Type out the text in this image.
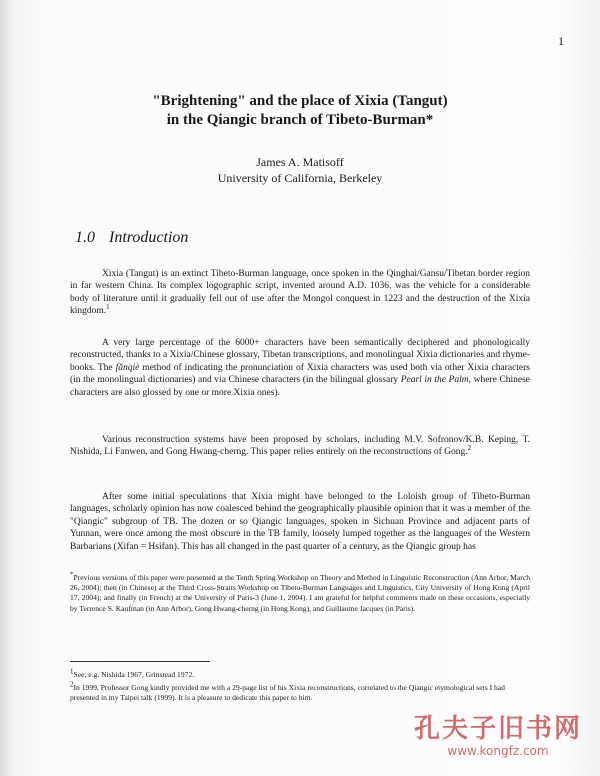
1
"Brightening" and the place of Xixia (Tangut)
in the Qiangic branch of Tibeto-Burman*
James A. Matisoff
University of California, Berkeley
1.0 Introduction
Xixia (Tangut) is an extinct Tibeto-Burman language, once spoken in the Qinghai/Gansu/Tibetan border region in far western China. Its complex logographic script, invented around A.D. 1036, was the vehicle for a considerable body of literature until it gradually fell out of use after the Mongol conquest in 1223 and the destruction of the Xixia kingdom.$^1$
A very large percentage of the 6000+ characters have been semantically deciphered and phonologically reconstructed, thanks to a Xixia/Chinese glossary, Tibetan transcriptions, and monolingual Xixia dictionaries and rhyme-books. The fǎnqiè method of indicating the pronunciation of Xixia characters was used both via other Xixia characters (in the monolingual dictionaries) and via Chinese characters (in the bilingual glossary Pearl in the Palm, where Chinese characters are also glossed by one or more Xixia ones).
Various reconstruction systems have been proposed by scholars, including M.V. Sofronov/K.B. Keping, T. Nishida, Li Fanwen, and Gong Hwang-cherng. This paper relies entirely on the reconstructions of Gong.$^2$
After some initial speculations that Xixia might have belonged to the Loloish group of Tibeto-Burman languages, scholarly opinion has now coalesced behind the geographically plausible opinion that it was a member of the "Qiangic" subgroup of TB. The dozen or so Qiangic languages, spoken in Sichuan Province and adjacent parts of Yunnan, were once among the most obscure in the TB family, loosely lumped together as the languages of the Western Barbarians (Xifan = Hsifan). This has all changed in the past quarter of a century, as the Qiangic group has
*Previous versions of this paper were presented at the Tenth Spring Workshop on Theory and Method in Linguistic Reconstruction (Ann Arbor, March 26, 2004); then (in Chinese) at the Third Cross-Straits Workshop on Tibeto-Burman Languages and Linguistics, City University of Hong Kong (April 17, 2004); and finally (in French) at the University of Paris-3 (June 1, 2004). I am grateful for helpful comments made on these occasions, especially by Terrence S. Kaufman (in Ann Arbor), Gong Hwang-cherng (in Hong Kong), and Guillaume Jacques (in Paris).
$^1$See, e.g. Nishida 1967, Grinstead 1972.
$^2$In 1999, Professor Gong kindly provided me with a 29-page list of his Xixia reconstructions, correlated to the Qiangic etymological sets I had presented in my Taipei talk (1999). It is a pleasure to dedicate this paper to him.
孔夫子旧书网
www.kongfz.com
